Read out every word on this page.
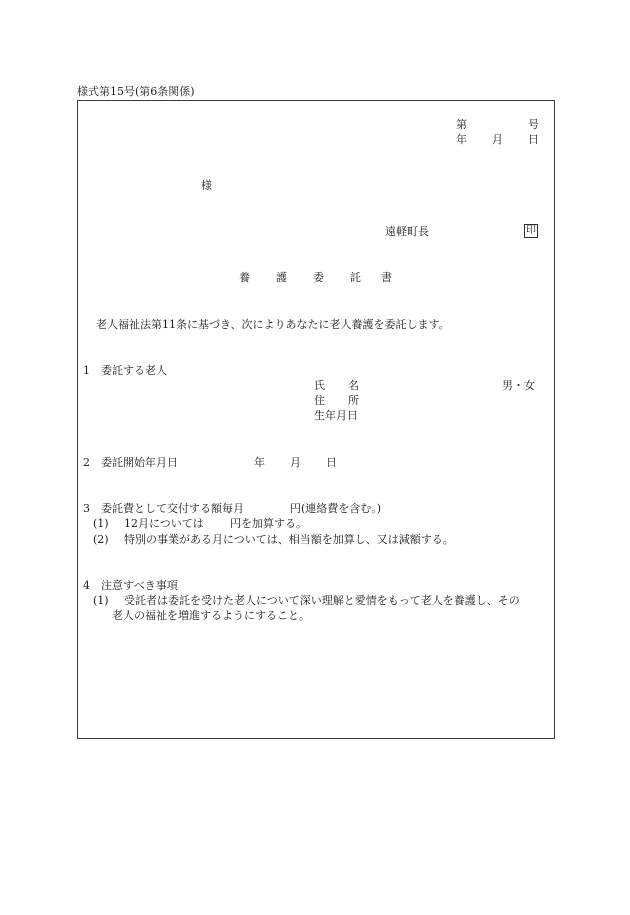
様式第15号(第6条関係)
第	号
年 月 日
様
遠軽町長	印
養 護 委 託 書
老人福祉法第11条に基づき、次によりあなたに老人養護を委託します。
1 委託する老人
氏 名	男・女
住 所
生年月日
2 委託開始年月日	年 月 日
3 委託費として交付する額毎月	円(連絡費を含む。)
(1) 12月については 円を加算する。
(2) 特別の事業がある月については、相当額を加算し、又は減額する。
4 注意すべき事項
(1) 受託者は委託を受けた老人について深い理解と愛情をもって老人を養護し、その
老人の福祉を増進するようにすること。
